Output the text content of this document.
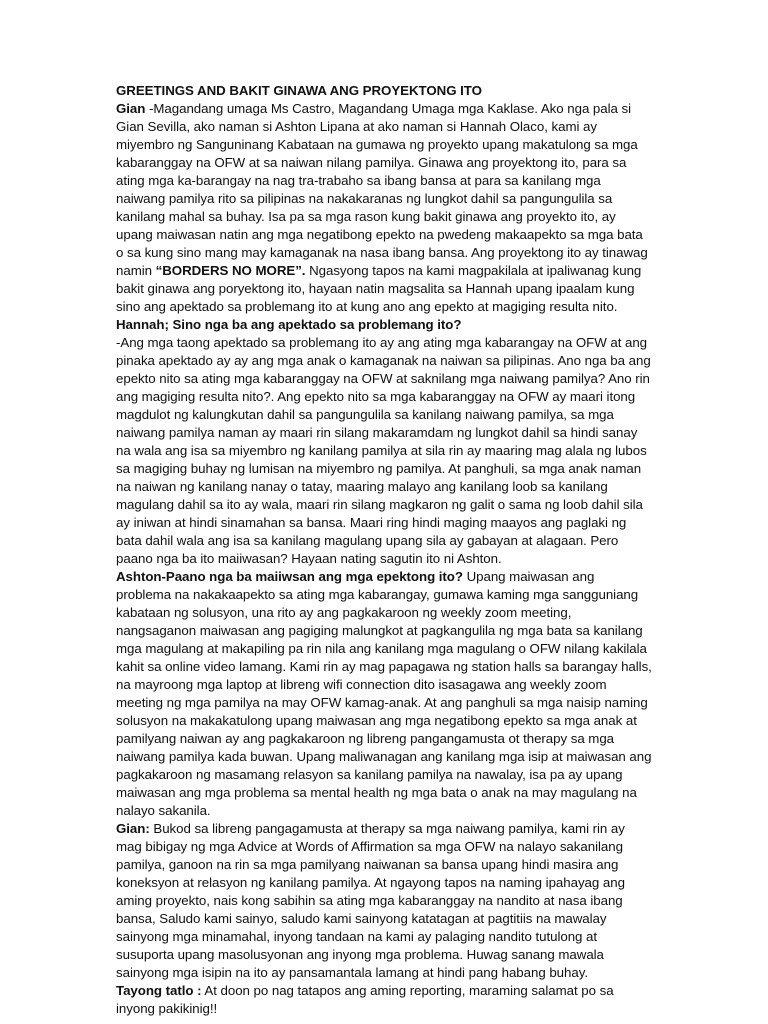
GREETINGS AND BAKIT GINAWA ANG PROYEKTONG ITO

Gian -Magandang umaga Ms Castro, Magandang Umaga mga Kaklase. Ako nga pala si Gian Sevilla, ako naman si Ashton Lipana at ako naman si Hannah Olaco, kami ay miyembro ng Sanguninang Kabataan na gumawa ng proyekto upang makatulong sa mga kabaranggay na OFW at sa naiwan nilang pamilya. Ginawa ang proyektong ito, para sa ating mga ka-barangay na nag tra-trabaho sa ibang bansa at para sa kanilang mga naiwang pamilya rito sa pilipinas na nakakaranas ng lungkot dahil sa pangungulila sa kanilang mahal sa buhay. Isa pa sa mga rason kung bakit ginawa ang proyekto ito, ay upang maiwasan natin ang mga negatibong epekto na pwedeng makaapekto sa mga bata o sa kung sino mang may kamaganak na nasa ibang bansa. Ang proyektong ito ay tinawag namin “BORDERS NO MORE”. Ngasyong tapos na kami magpakilala at ipaliwanag kung bakit ginawa ang poryektong ito, hayaan natin magsalita sa Hannah upang ipaalam kung sino ang apektado sa problemang ito at kung ano ang epekto at magiging resulta nito.

Hannah; Sino nga ba ang apektado sa problemang ito?

-Ang mga taong apektado sa problemang ito ay ang ating mga kabarangay na OFW at ang pinaka apektado ay ay ang mga anak o kamaganak na naiwan sa pilipinas. Ano nga ba ang epekto nito sa ating mga kabaranggay na OFW at saknilang mga naiwang pamilya? Ano rin ang magiging resulta nito?. Ang epekto nito sa mga kabaranggay na OFW ay maari itong magdulot ng kalungkutan dahil sa pangungulila sa kanilang naiwang pamilya, sa mga naiwang pamilya naman ay maari rin silang makaramdam ng lungkot dahil sa hindi sanay na wala ang isa sa miyembro ng kanilang pamilya at sila rin ay maaring mag alala ng lubos sa magiging buhay ng lumisan na miyembro ng pamilya. At panghuli, sa mga anak naman na naiwan ng kanilang nanay o tatay, maaring malayo ang kanilang loob sa kanilang magulang dahil sa ito ay wala, maari rin silang magkaron ng galit o sama ng loob dahil sila ay iniwan at hindi sinamahan sa bansa. Maari ring hindi maging maayos ang paglaki ng bata dahil wala ang isa sa kanilang magulang upang sila ay gabayan at alagaan. Pero paano nga ba ito maiiwasan? Hayaan nating sagutin ito ni Ashton.

Ashton-Paano nga ba maiiwsan ang mga epektong ito? Upang maiwasan ang problema na nakakaapekto sa ating mga kabarangay, gumawa kaming mga sangguniang kabataan ng solusyon, una rito ay ang pagkakaroon ng weekly zoom meeting, nangsaganon maiwasan ang pagiging malungkot at pagkangulila ng mga bata sa kanilang mga magulang at makapiling pa rin nila ang kanilang mga magulang o OFW nilang kakilala kahit sa online video lamang. Kami rin ay mag papagawa ng station halls sa barangay halls, na mayroong mga laptop at libreng wifi connection dito isasagawa ang weekly zoom meeting ng mga pamilya na may OFW kamag-anak. At ang panghuli sa mga naisip naming solusyon na makakatulong upang maiwasan ang mga negatibong epekto sa mga anak at pamilyang naiwan ay ang pagkakaroon ng libreng pangangamusta ot therapy sa mga naiwang pamilya kada buwan. Upang maliwanagan ang kanilang mga isip at maiwasan ang pagkakaroon ng masamang relasyon sa kanilang pamilya na nawalay, isa pa ay upang maiwasan ang mga problema sa mental health ng mga bata o anak na may magulang na nalayo sakanila.

Gian: Bukod sa libreng pangagamusta at therapy sa mga naiwang pamilya, kami rin ay mag bibigay ng mga Advice at Words of Affirmation sa mga OFW na nalayo sakanilang pamilya, ganoon na rin sa mga pamilyang naiwanan sa bansa upang hindi masira ang koneksyon at relasyon ng kanilang pamilya. At ngayong tapos na naming ipahayag ang aming proyekto, nais kong sabihin sa ating mga kabaranggay na nandito at nasa ibang bansa, Saludo kami sainyo, saludo kami sainyong katatagan at pagtitiis na mawalay sainyong mga minamahal, inyong tandaan na kami ay palaging nandito tutulong at susuporta upang masolusyonan ang inyong mga problema. Huwag sanang mawala sainyong mga isipin na ito ay pansamantala lamang at hindi pang habang buhay.

Tayong tatlo : At doon po nag tatapos ang aming reporting, maraming salamat po sa inyong pakikinig!!
